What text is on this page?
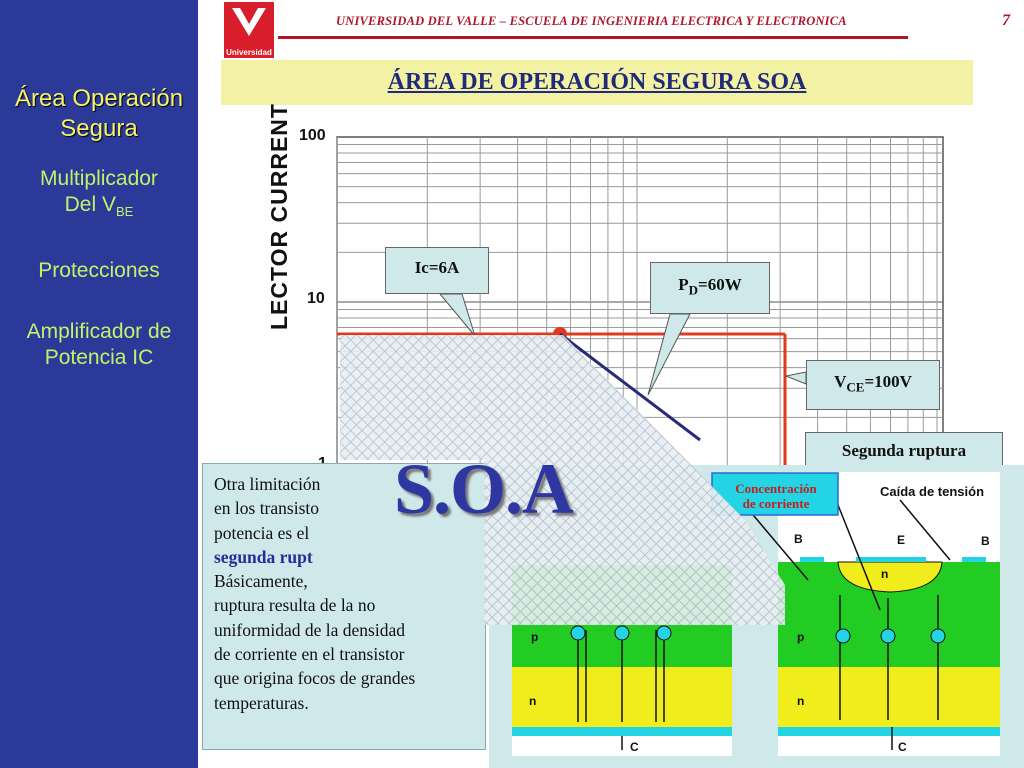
Área Operación
Segura
Multiplicador
Del $V_{BE}$
Protecciones
Amplificador de
Potencia IC
Universidad
UNIVERSIDAD DEL VALLE – ESCUELA DE INGENIERIA ELECTRICA Y ELECTRONICA	7
ÁREA DE OPERACIÓN SEGURA SOA
LECTOR CURRENT 100
10
Ic=6A
$P_D=60W$
$V_{CE}=100V$
Segunda ruptura
Otra limitación
en los transisto
potencia es el
segunda rupt
Básicamente,
ruptura resulta de la no
uniformidad de la densidad
de corriente en el transistor
que origina focos de grandes
temperaturas.
Concentración
de corriente
Caída de tensión
B	E	B
n
p
p
n
n
C	C
S.O.A
